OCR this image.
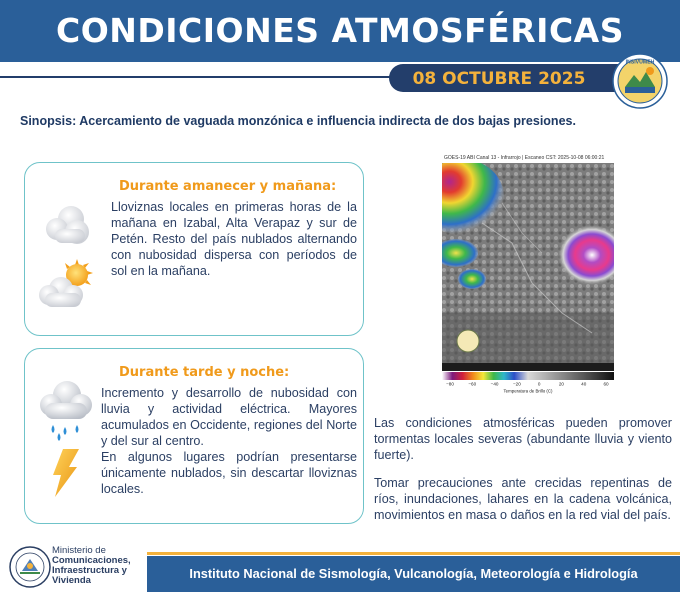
CONDICIONES ATMOSFÉRICAS
08 OCTUBRE 2025
INSIVUMEH
Sinopsis: Acercamiento de vaguada monzónica e influencia indirecta de dos bajas presiones.
Durante amanecer y mañana:
Lloviznas locales en primeras horas de la mañana en Izabal, Alta Verapaz y sur de Petén. Resto del país nublados alternando con nubosidad dispersa con períodos de sol en la mañana.
Durante tarde y noche:
Incremento y desarrollo de nubosidad con lluvia y actividad eléctrica. Mayores acumulados en Occidente, regiones del Norte y del sur al centro.
En algunos lugares podrían presentarse únicamente nublados, sin descartar lloviznas locales.
GOES-19 ABI Canal 13 - Infrarrojo | Escaneo CST: 2025-10-08 06:00:21
−80	−60	−40	−20	0	20	40	60
Temperatura de Brillo (C)
Las condiciones atmosféricas pueden promover tormentas locales severas (abundante lluvia y viento fuerte).
Tomar precauciones ante crecidas repentinas de ríos, inundaciones, lahares en la cadena volcánica, movimientos en masa o daños en la red vial del país.
Ministerio de
Comunicaciones,
Infraestructura y
Vivienda	Instituto Nacional de Sismología, Vulcanología, Meteorología e Hidrología
